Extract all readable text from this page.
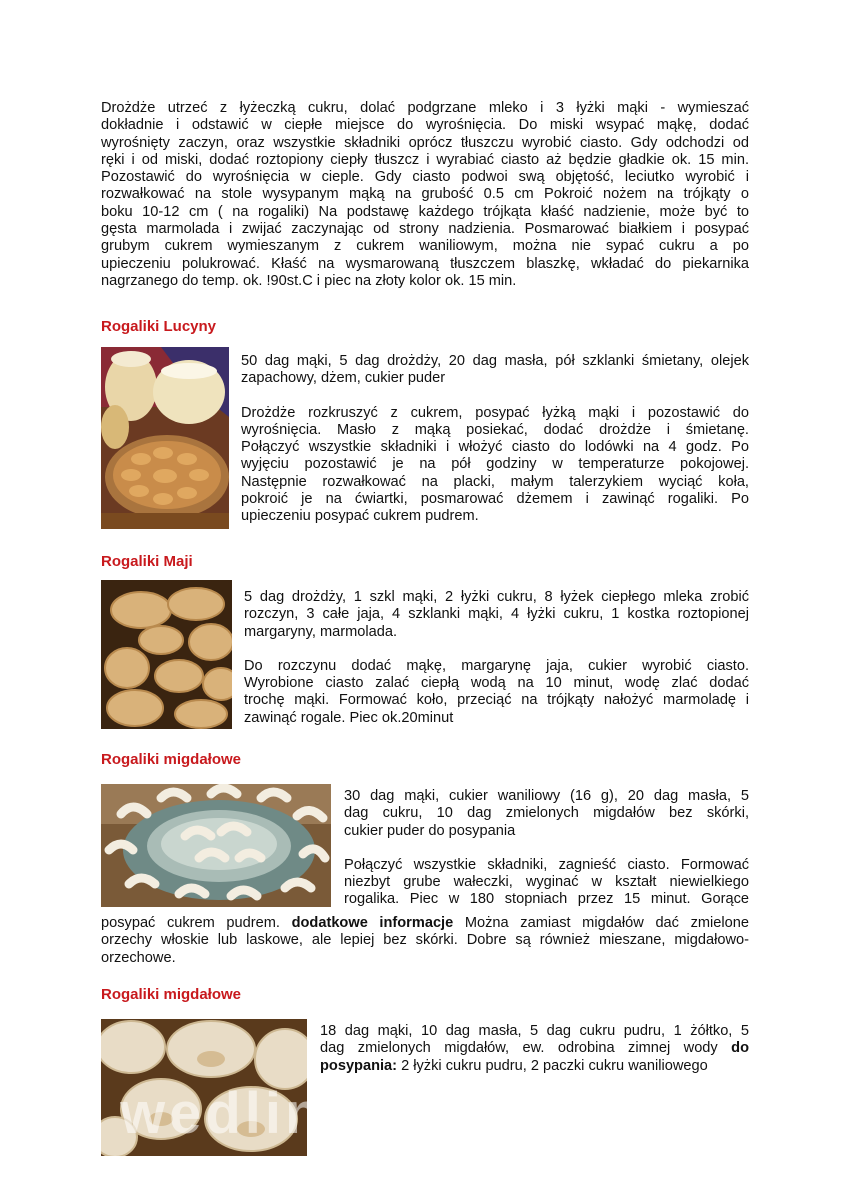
Drożdże utrzeć z łyżeczką cukru, dolać podgrzane mleko i 3 łyżki mąki - wymieszać

dokładnie i odstawić w ciepłe miejsce do wyrośnięcia. Do miski wsypać mąkę, dodać

wyrośnięty zaczyn, oraz wszystkie składniki oprócz tłuszczu wyrobić ciasto. Gdy odchodzi od

ręki i od miski, dodać roztopiony ciepły tłuszcz i wyrabiać ciasto aż będzie gładkie ok. 15 min.

Pozostawić do wyrośnięcia w cieple. Gdy ciasto podwoi swą objętość, leciutko wyrobić i

rozwałkować na stole wysypanym mąką na grubość 0.5 cm Pokroić nożem na trójkąty o

boku 10-12 cm ( na rogaliki) Na podstawę każdego trójkąta kłaść nadzienie, może być to

gęsta marmolada i zwijać zaczynając od strony nadzienia. Posmarować białkiem i posypać

grubym cukrem wymieszanym z cukrem waniliowym, można nie sypać cukru a po

upieczeniu polukrować. Kłaść na wysmarowaną tłuszczem blaszkę, wkładać do piekarnika

nagrzanego do temp. ok. !90st.C i piec na złoty kolor ok. 15 min.

Rogaliki Lucyny

50 dag mąki, 5 dag drożdży, 20 dag masła, pół szklanki śmietany, olejek

zapachowy, dżem, cukier puder

Drożdże rozkruszyć z cukrem, posypać łyżką mąki i pozostawić do

wyrośnięcia. Masło z mąką posiekać, dodać drożdże i śmietanę.

Połączyć wszystkie składniki i włożyć ciasto do lodówki na 4 godz. Po

wyjęciu pozostawić je na pół godziny w temperaturze pokojowej.

Następnie rozwałkować na placki, małym talerzykiem wyciąć koła,

pokroić je na ćwiartki, posmarować dżemem i zawinąć rogaliki. Po

upieczeniu posypać cukrem pudrem.

Rogaliki Maji

5 dag drożdży, 1 szkl mąki, 2 łyżki cukru, 8 łyżek ciepłego mleka zrobić

rozczyn, 3 całe jaja, 4 szklanki mąki, 4 łyżki cukru, 1 kostka roztopionej

margaryny, marmolada.

Do rozczynu dodać mąkę, margarynę jaja, cukier wyrobić ciasto.

Wyrobione ciasto zalać ciepłą wodą na 10 minut, wodę zlać dodać

trochę mąki. Formować koło, przeciąć na trójkąty nałożyć marmoladę i

zawinąć rogale. Piec ok.20minut

Rogaliki migdałowe

30 dag mąki, cukier waniliowy (16 g), 20 dag masła, 5

dag cukru, 10 dag zmielonych migdałów bez skórki,

cukier puder do posypania

Połączyć wszystkie składniki, zagnieść ciasto. Formować

niezbyt grube wałeczki, wyginać w kształt niewielkiego

rogalika. Piec w 180 stopniach przez 15 minut. Gorące

posypać cukrem pudrem. dodatkowe informacje Można zamiast migdałów dać zmielone

orzechy włoskie lub laskowe, ale lepiej bez skórki. Dobre są również mieszane, migdałowo-

orzechowe.

Rogaliki migdałowe

18 dag mąki, 10 dag masła, 5 dag cukru pudru, 1 żółtko, 5

dag zmielonych migdałów, ew. odrobina zimnej wody do

posypania: 2 łyżki cukru pudru, 2 paczki cukru waniliowego

wedlinydomowe.pl
